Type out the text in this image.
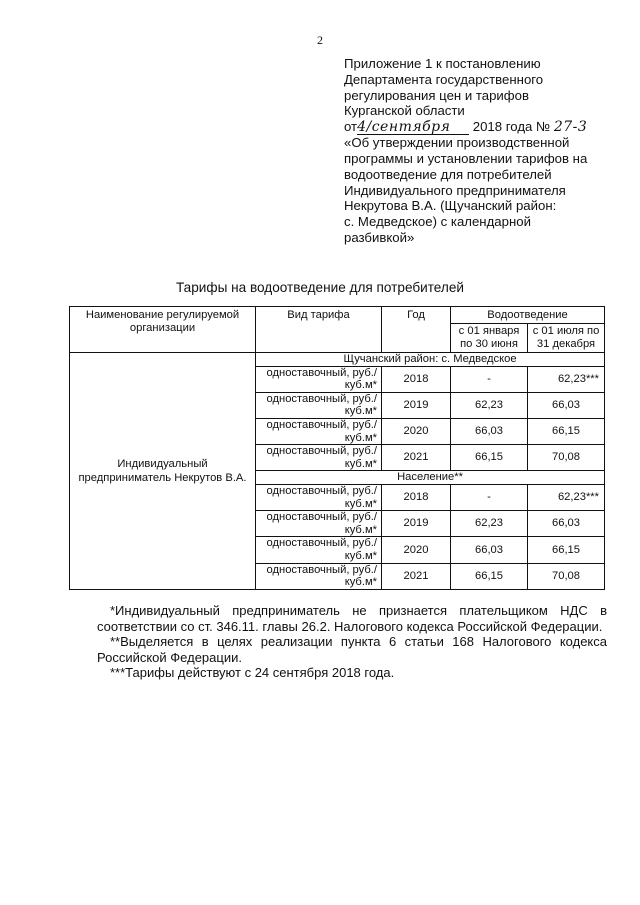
2
Приложение 1 к постановлению
Департамента государственного
регулирования цен и тарифов
Курганской области
от4/сентября 2018 года № 27-3
«Об утверждении производственной
программы и установлении тарифов на
водоотведение для потребителей
Индивидуального предпринимателя
Некрутова В.А. (Щучанский район:
с. Медведское) с календарной
разбивкой»
Тарифы на водоотведение для потребителей
Наименование регулируемой организации	Вид тарифа	Год	Водоотведение	
			с 01 января по 30 июня	с 01 июля по 31 декабря
Индивидуальный предприниматель Некрутов В.А.	Щучанский район: с. Медведское			
	одноставочный, руб./куб.м*	2018	-	62,23***
	одноставочный, руб./куб.м*	2019	62,23	66,03
	одноставочный, руб./куб.м*	2020	66,03	66,15
	одноставочный, руб./куб.м*	2021	66,15	70,08
	Население**			
	одноставочный, руб./куб.м*	2018	-	62,23***
	одноставочный, руб./куб.м*	2019	62,23	66,03
	одноставочный, руб./куб.м*	2020	66,03	66,15
	одноставочный, руб./куб.м*	2021	66,15	70,08

*Индивидуальный предприниматель не признается плательщиком НДС в

соответствии со ст. 346.11. главы 26.2. Налогового кодекса Российской Федерации.

**Выделяется в целях реализации пункта 6 статьи 168 Налогового кодекса

Российской Федерации.

***Тарифы действуют с 24 сентября 2018 года.
